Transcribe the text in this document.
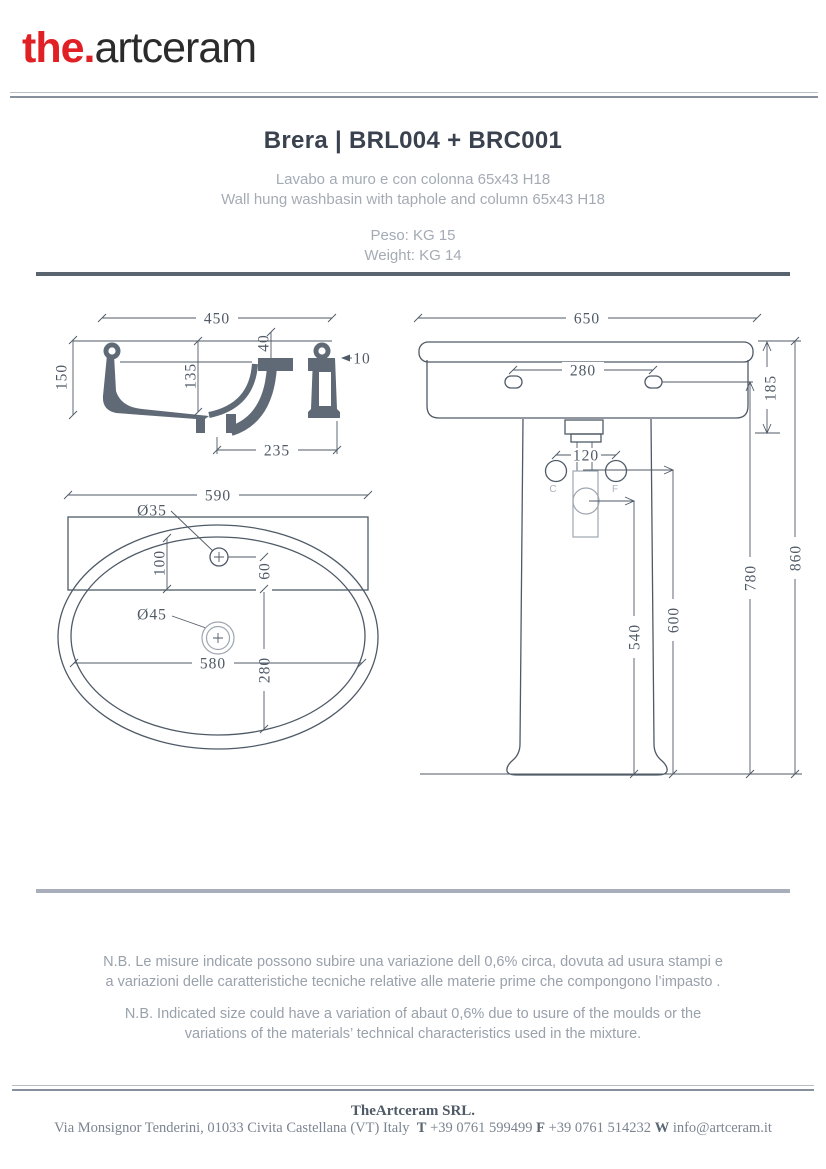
the.artceram
Brera | BRL004 + BRC001
Lavabo a muro e con colonna 65x43 H18
Wall hung washbasin with taphole and column 65x43 H18
Peso: KG 15
Weight: KG 14
450
150	135
40
10
235
590
Ø35
100	60
280
Ø45
580
650
280
185
C	F
120
540
600
780
860
N.B. Le misure indicate possono subire una variazione dell 0,6% circa, dovuta ad usura stampi e
a variazioni delle caratteristiche tecniche relative alle materie prime che compongono l’impasto .
N.B. Indicated size could have a variation of abaut 0,6% due to usure of the moulds or the
variations of the materials’ technical characteristics used in the mixture.
TheArtceram SRL.
Via Monsignor Tenderini, 01033 Civita Castellana (VT) Italy T +39 0761 599499 F +39 0761 514232 W info@artceram.it
